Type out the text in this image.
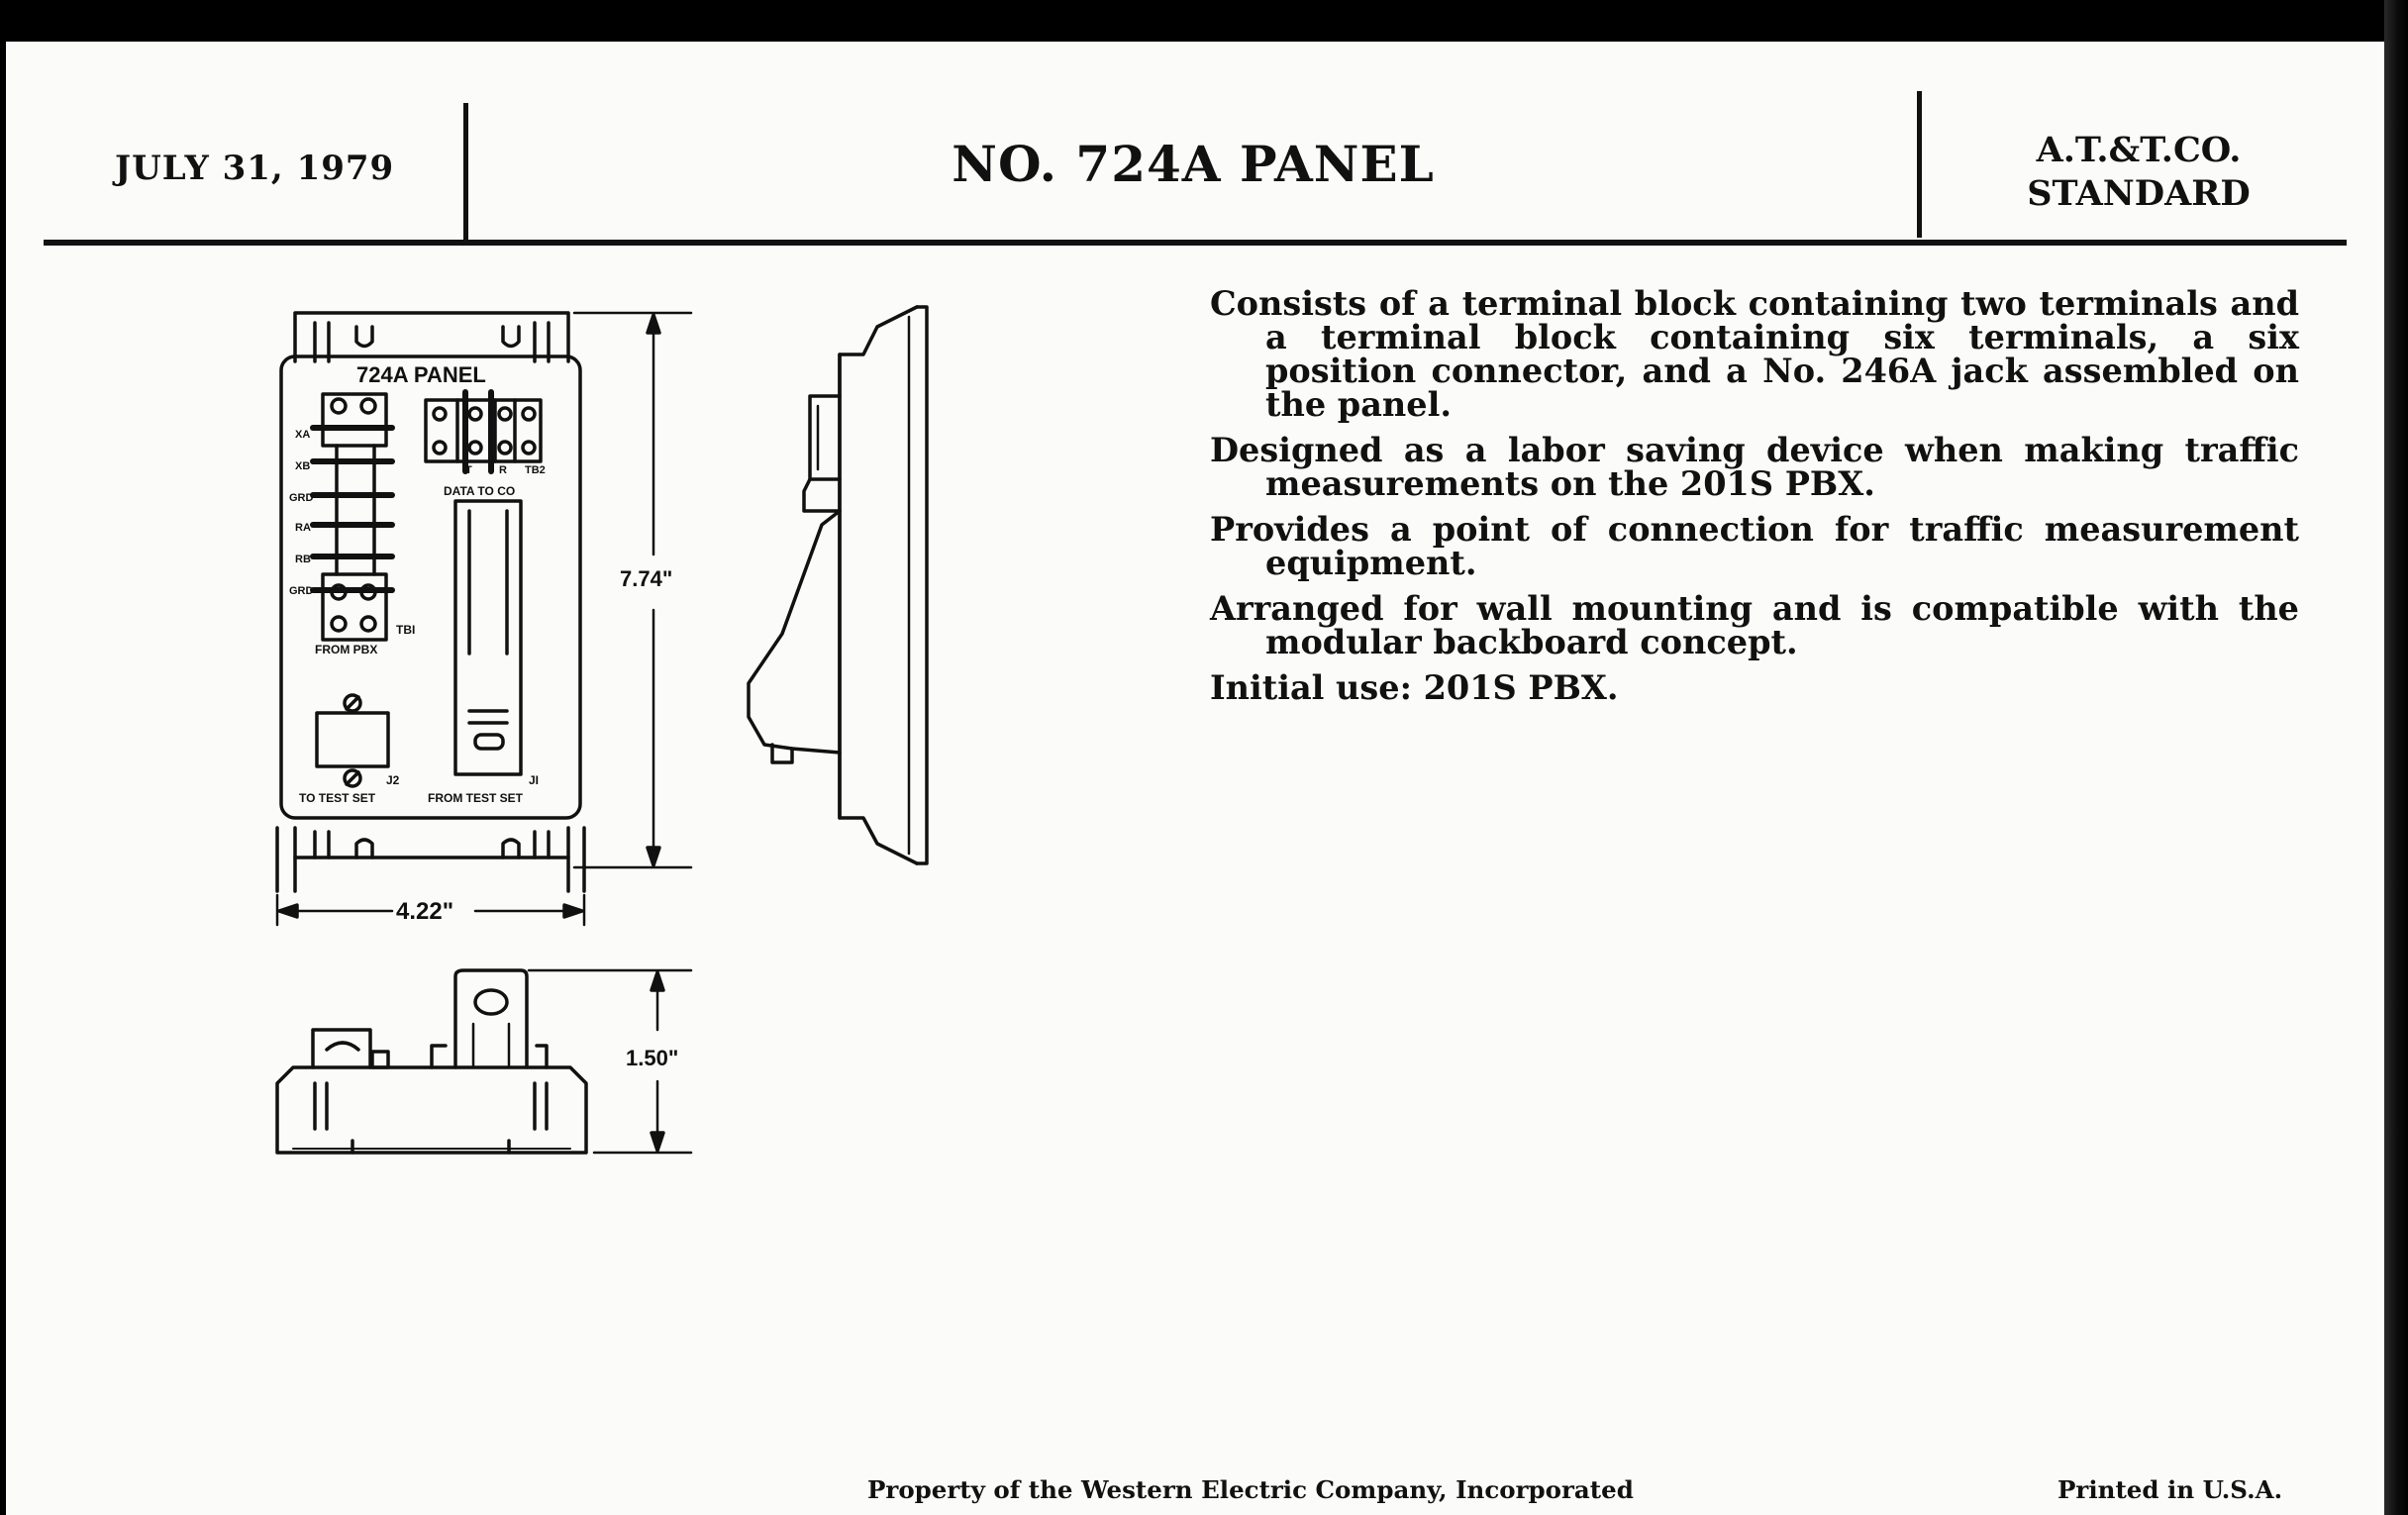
JULY 31, 1979	NO. 724A PANEL	A.T.&T.CO.
STANDARD

Consists of a terminal block containing two terminals and a terminal block containing six terminals, a six position connector, and a No. 246A jack assembled on the panel.

Designed as a labor saving device when making traffic measurements on the 201S PBX.

Provides a point of connection for traffic measurement equipment.

Arranged for wall mounting and is compatible with the modular backboard concept.

Initial use: 201S PBX.

724A PANEL
XA
XB
GRD
RA
RB
GRD
TBI
FROM PBX
T R TB2
DATA TO CO
J2
TO TEST SET
JI
FROM TEST SET
7.74"
4.22"
1.50"
Property of the Western Electric Company, Incorporated	Printed in U.S.A.
